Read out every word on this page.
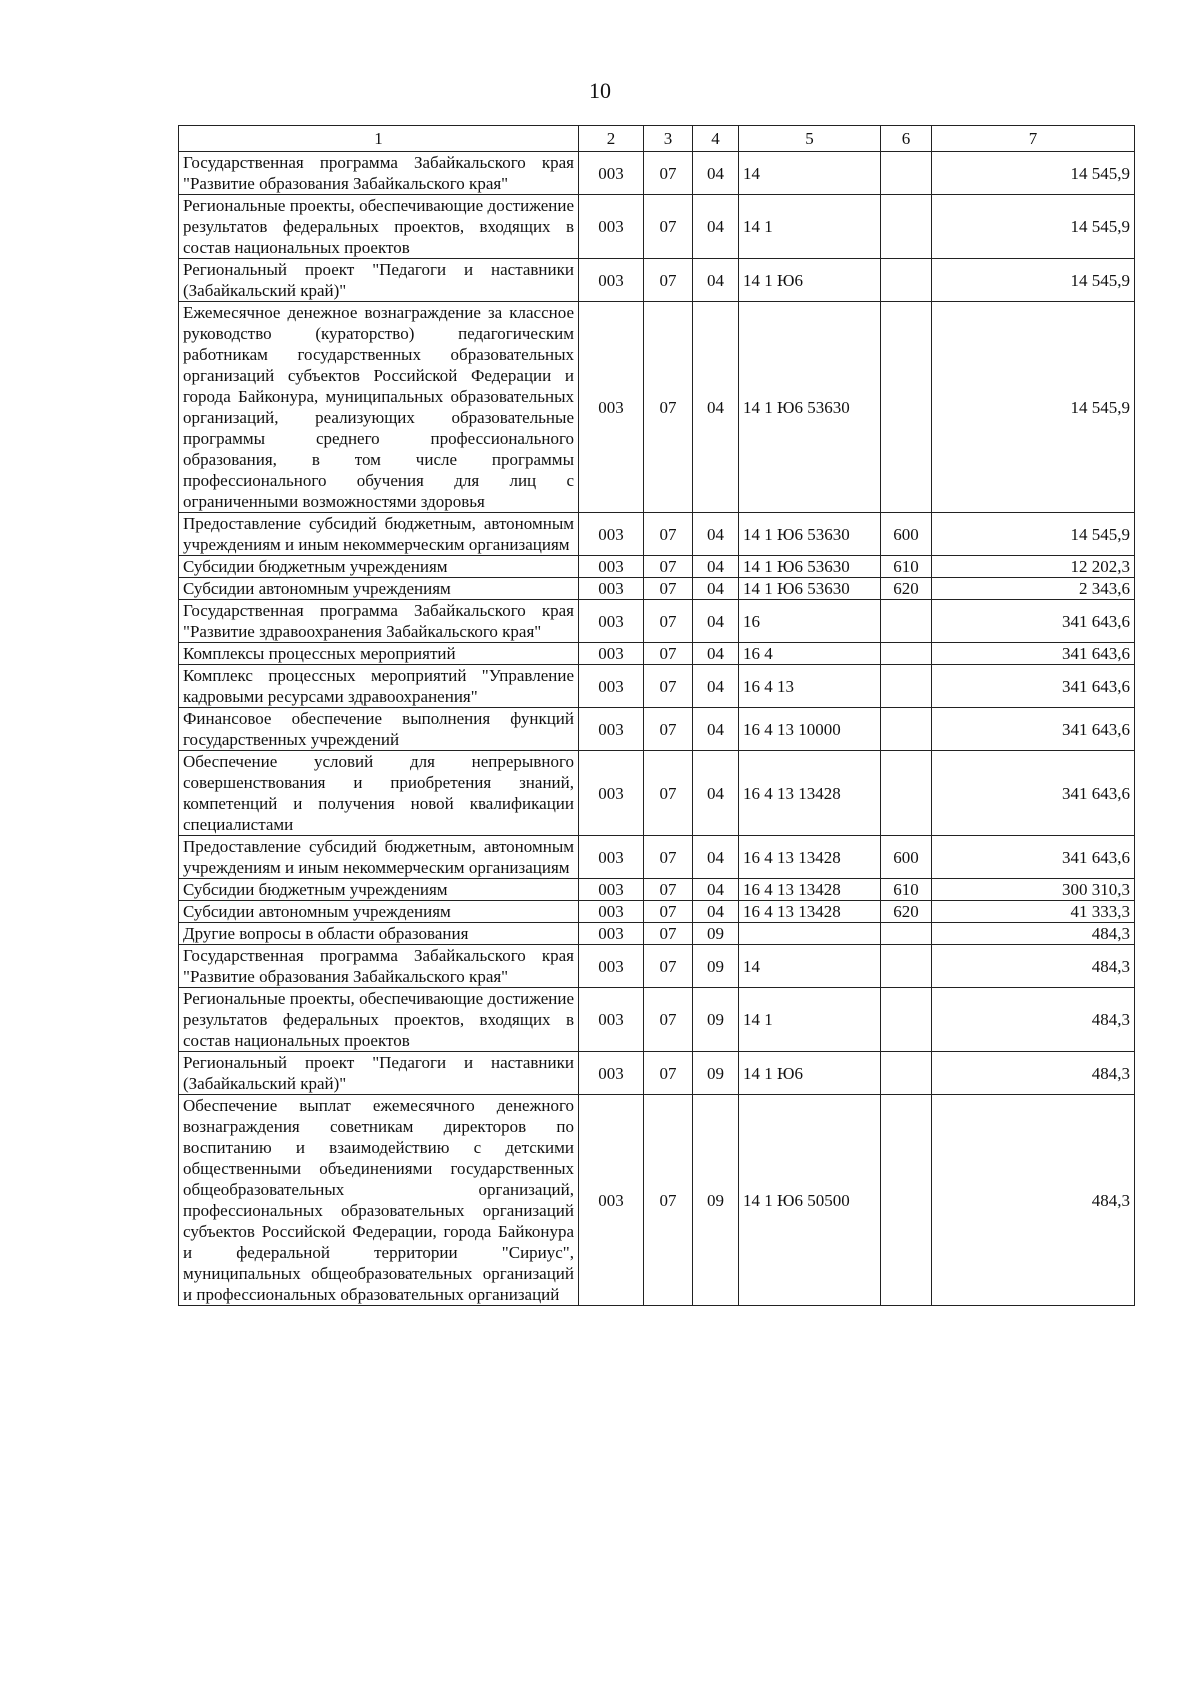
10
1	2	3	4	5	6	7
Государственная программа Забайкальского края "Развитие образования Забайкальского края"	003	07	04	14		14 545,9
Региональные проекты, обеспечивающие достижение результатов федеральных проектов, входящих в состав национальных проектов	003	07	04	14 1		14 545,9
Региональный проект "Педагоги и наставники (Забайкальский край)"	003	07	04	14 1 Ю6		14 545,9
Ежемесячное денежное вознаграждение за классное руководство (кураторство) педагогическим работникам государственных образовательных организаций субъектов Российской Федерации и города Байконура, муниципальных образовательных организаций, реализующих образовательные программы среднего профессионального образования, в том числе программы профессионального обучения для лиц с ограниченными возможностями здоровья	003	07	04	14 1 Ю6 53630		14 545,9
Предоставление субсидий бюджетным, автономным учреждениям и иным некоммерческим организациям	003	07	04	14 1 Ю6 53630	600	14 545,9
Субсидии бюджетным учреждениям	003	07	04	14 1 Ю6 53630	610	12 202,3
Субсидии автономным учреждениям	003	07	04	14 1 Ю6 53630	620	2 343,6
Государственная программа Забайкальского края "Развитие здравоохранения Забайкальского края"	003	07	04	16		341 643,6
Комплексы процессных мероприятий	003	07	04	16 4		341 643,6
Комплекс процессных мероприятий "Управление кадровыми ресурсами здравоохранения"	003	07	04	16 4 13		341 643,6
Финансовое обеспечение выполнения функций государственных учреждений	003	07	04	16 4 13 10000		341 643,6
Обеспечение условий для непрерывного совершенствования и приобретения знаний, компетенций и получения новой квалификации специалистами	003	07	04	16 4 13 13428		341 643,6
Предоставление субсидий бюджетным, автономным учреждениям и иным некоммерческим организациям	003	07	04	16 4 13 13428	600	341 643,6
Субсидии бюджетным учреждениям	003	07	04	16 4 13 13428	610	300 310,3
Субсидии автономным учреждениям	003	07	04	16 4 13 13428	620	41 333,3
Другие вопросы в области образования	003	07	09			484,3
Государственная программа Забайкальского края "Развитие образования Забайкальского края"	003	07	09	14		484,3
Региональные проекты, обеспечивающие достижение результатов федеральных проектов, входящих в состав национальных проектов	003	07	09	14 1		484,3
Региональный проект "Педагоги и наставники (Забайкальский край)"	003	07	09	14 1 Ю6		484,3
Обеспечение выплат ежемесячного денежного вознаграждения советникам директоров по воспитанию и взаимодействию с детскими общественными объединениями государственных общеобразовательных организаций, профессиональных образовательных организаций субъектов Российской Федерации, города Байконура и федеральной территории "Сириус", муниципальных общеобразовательных организаций и профессиональных образовательных организаций	003	07	09	14 1 Ю6 50500		484,3
